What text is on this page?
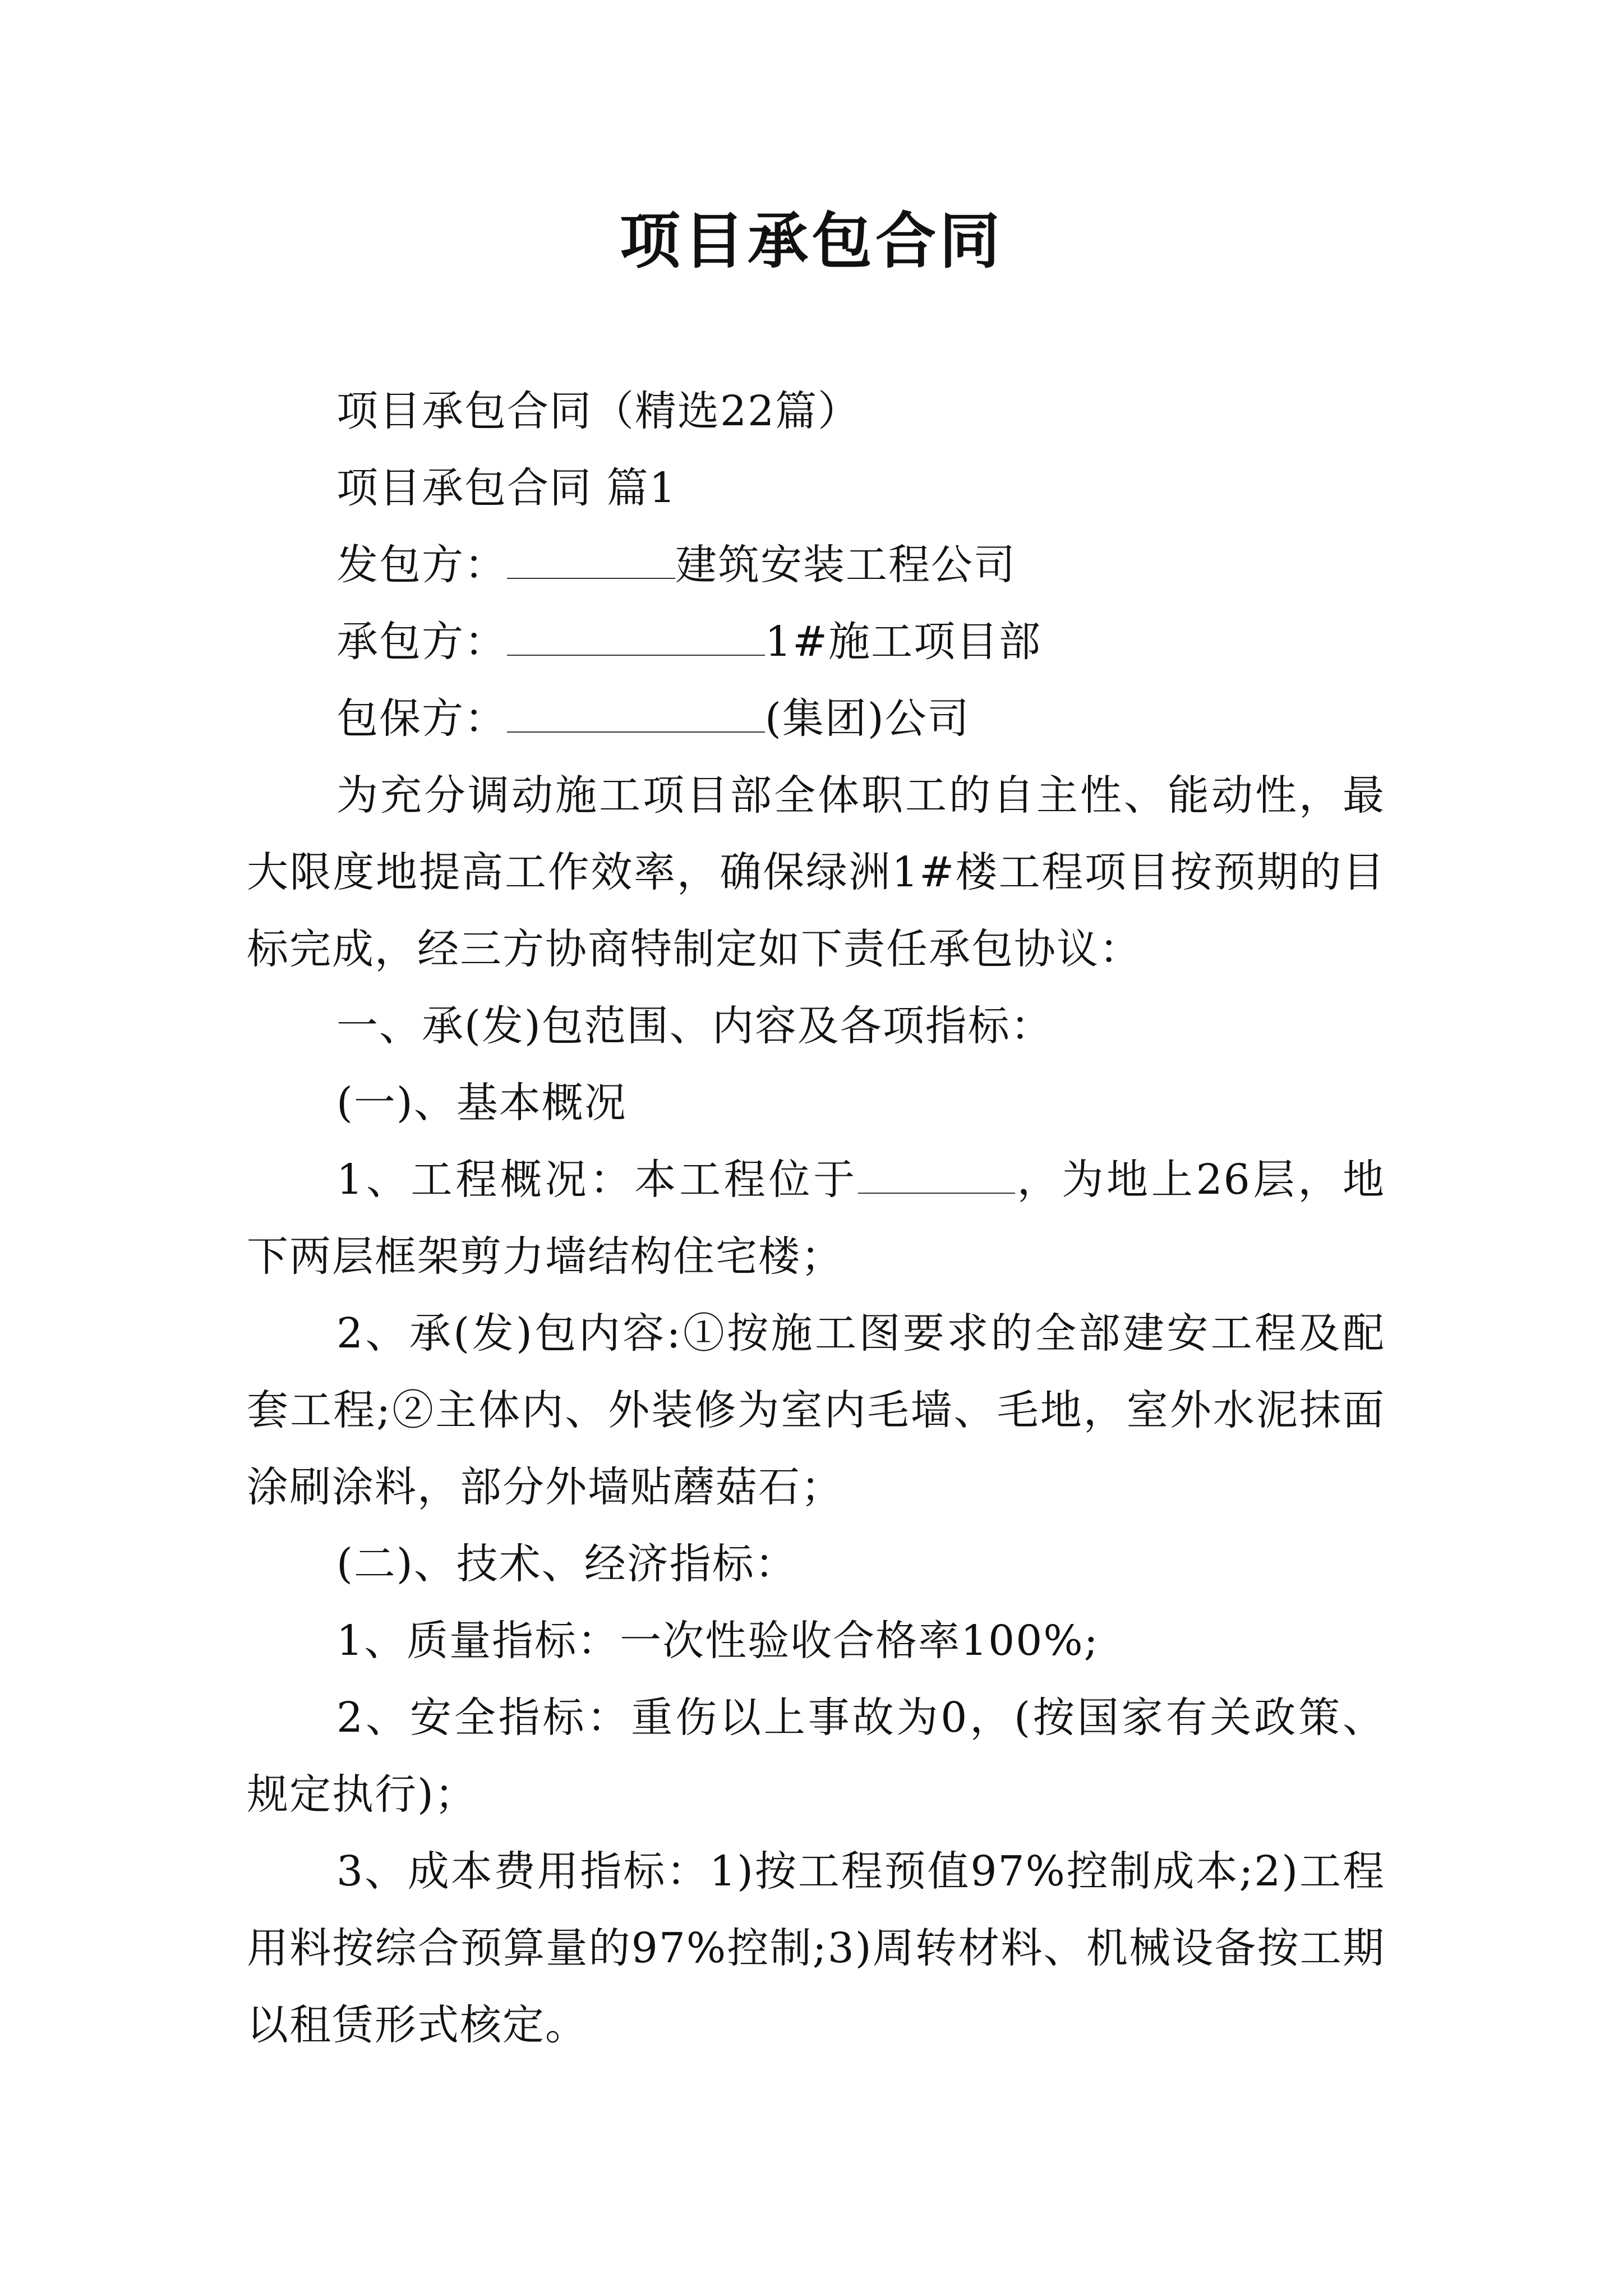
项目承包合同

项目承包合同（精选22篇）

项目承包合同 篇1

发包方：	建筑安装工程公司

承包方：	1#施工项目部

包保方：	(集团)公司

为充分调动施工项目部全体职工的自主性、能动性，最大限度地提高工作效率，确保绿洲1#楼工程项目按预期的目标完成，经三方协商特制定如下责任承包协议：

一、承(发)包范围、内容及各项指标：

(一)、基本概况

1、工程概况：本工程位于	，为地上26层，地下两层框架剪力墙结构住宅楼；

2、承(发)包内容:①按施工图要求的全部建安工程及配套工程;②主体内、外装修为室内毛墙、毛地，室外水泥抹面涂刷涂料，部分外墙贴蘑菇石；

(二)、技术、经济指标：

1、质量指标：一次性验收合格率100%;

2、安全指标：重伤以上事故为0，(按国家有关政策、规定执行)；

3、成本费用指标：1)按工程预值97%控制成本;2)工程用料按综合预算量的97%控制;3)周转材料、机械设备按工期以租赁形式核定。
